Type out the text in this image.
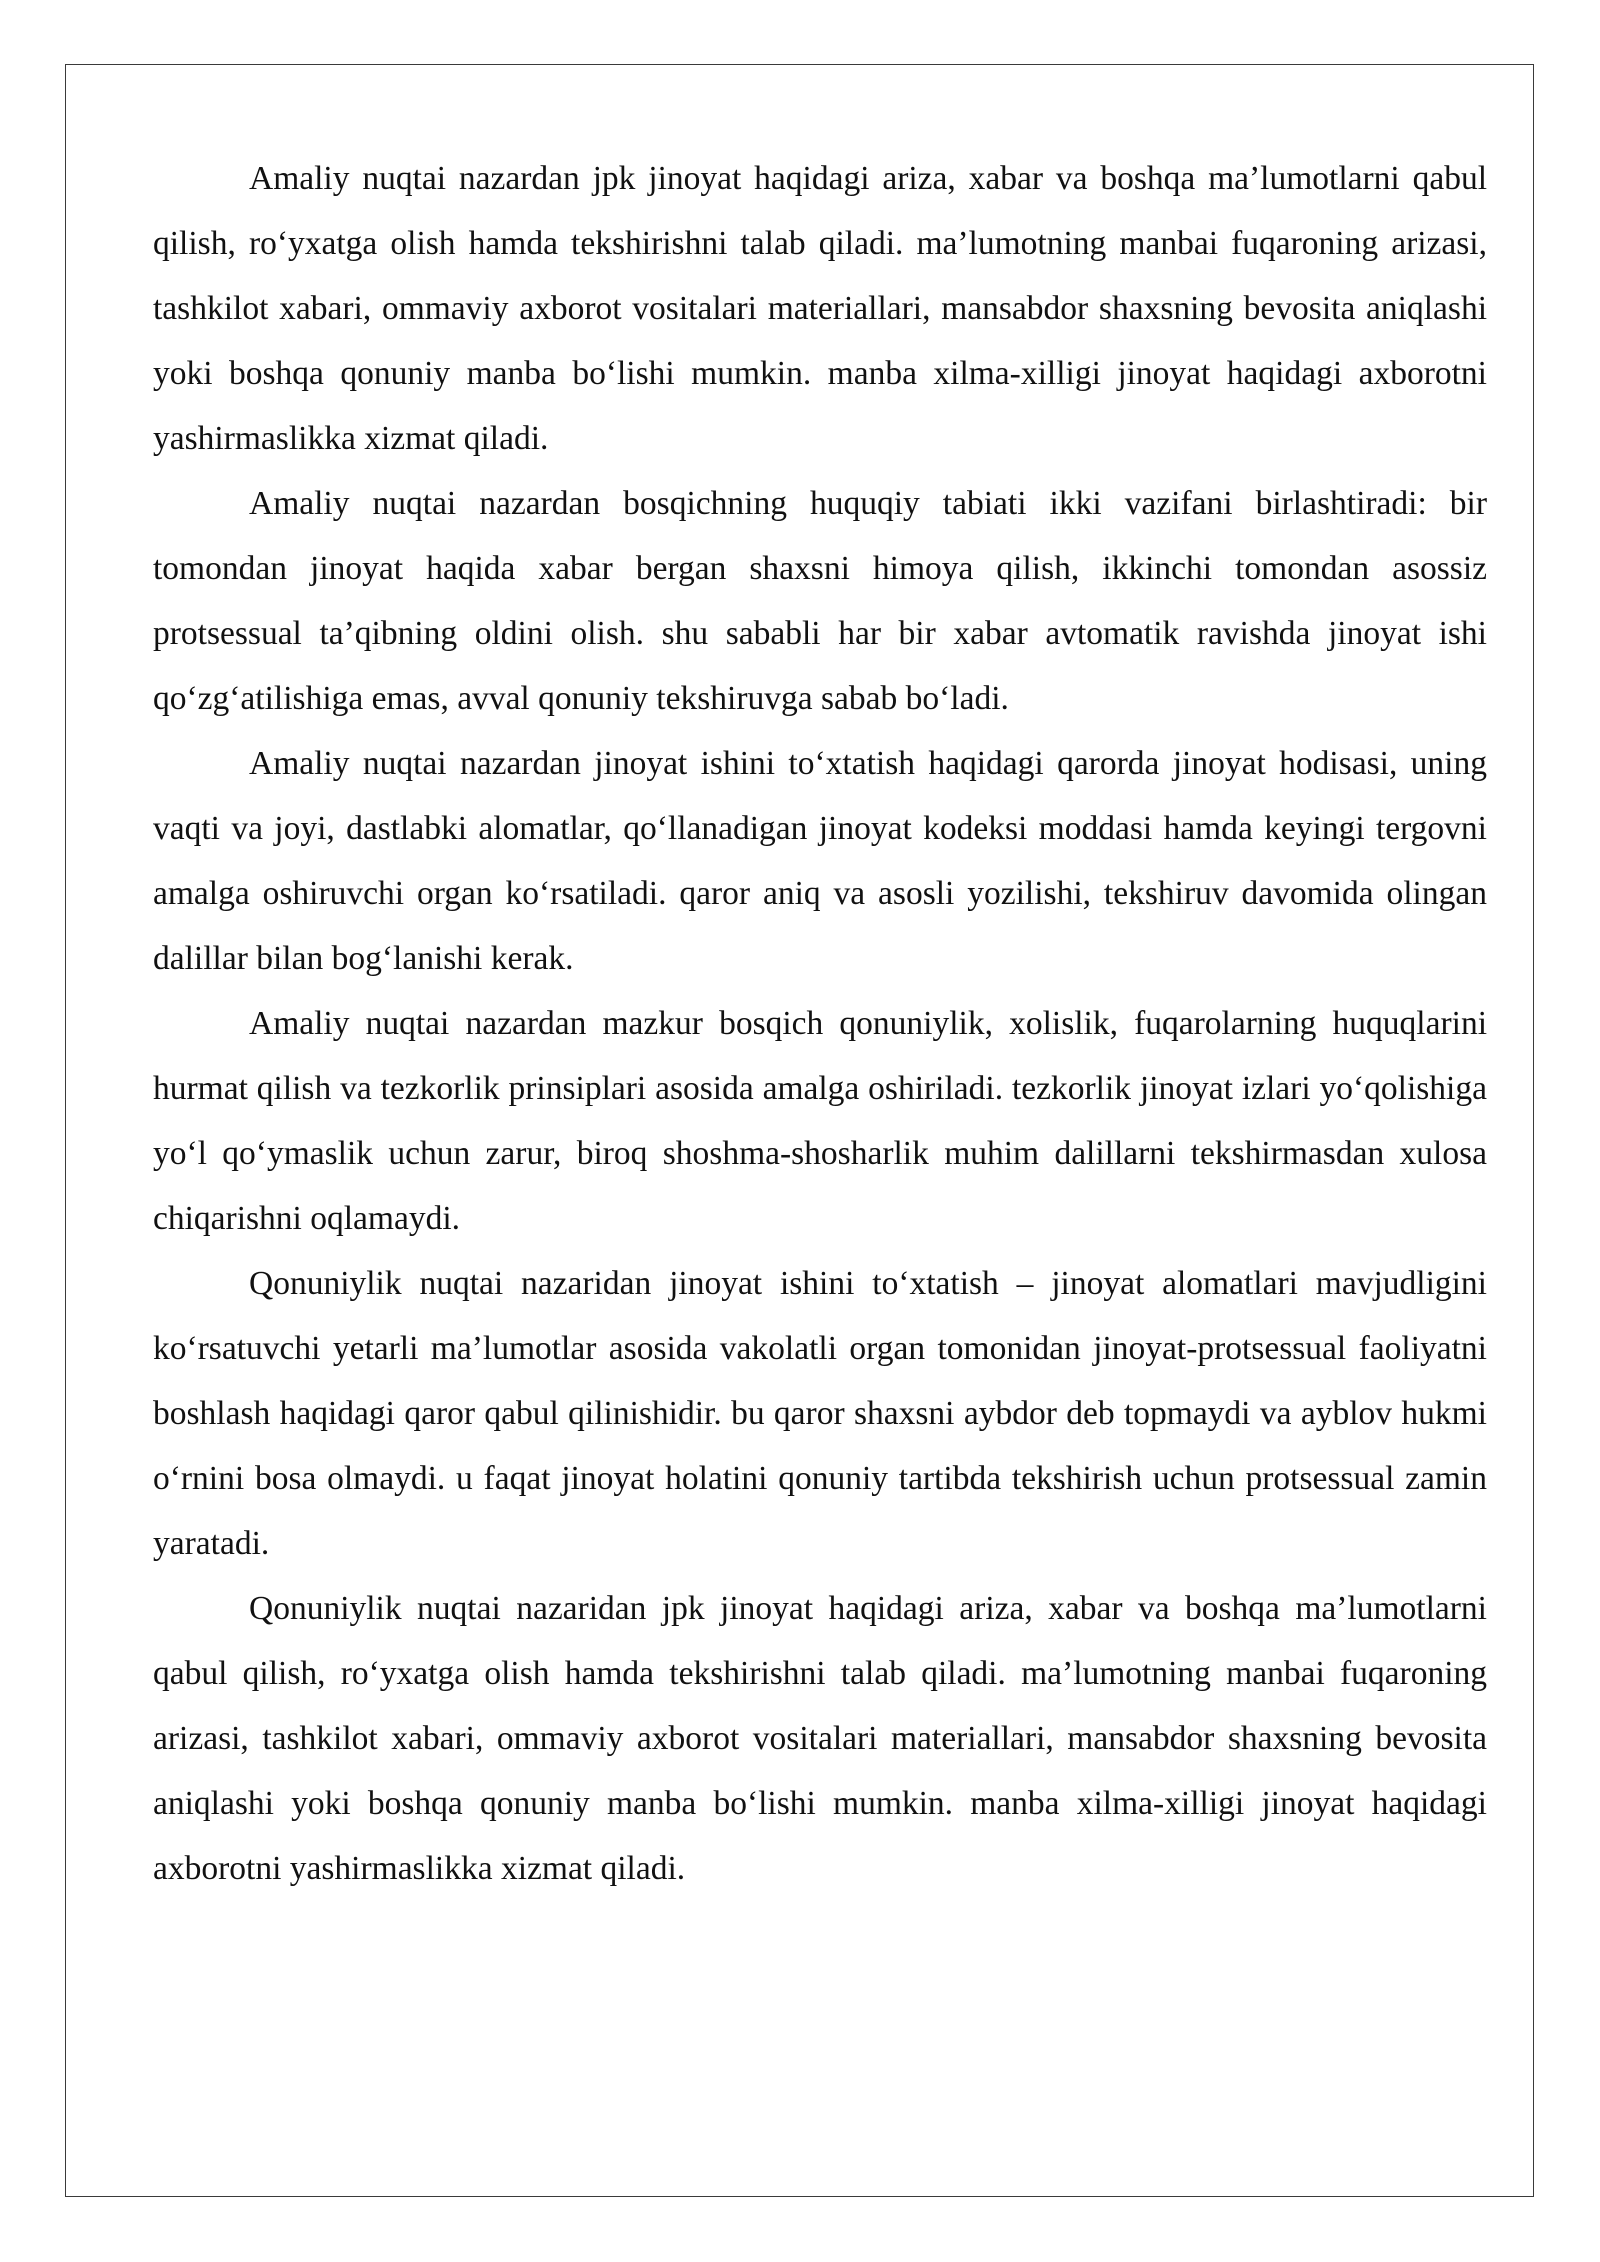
Amaliy nuqtai nazardan jpk jinoyat haqidagi ariza, xabar va boshqa ma’lumotlarni qabul qilish, ro‘yxatga olish hamda tekshirishni talab qiladi. ma’lumotning manbai fuqaroning arizasi, tashkilot xabari, ommaviy axborot vositalari materiallari, mansabdor shaxsning bevosita aniqlashi yoki boshqa qonuniy manba bo‘lishi mumkin. manba xilma-xilligi jinoyat haqidagi axborotni yashirmaslikka xizmat qiladi.

Amaliy nuqtai nazardan bosqichning huquqiy tabiati ikki vazifani birlashtiradi: bir tomondan jinoyat haqida xabar bergan shaxsni himoya qilish, ikkinchi tomondan asossiz protsessual ta’qibning oldini olish. shu sababli har bir xabar avtomatik ravishda jinoyat ishi qo‘zg‘atilishiga emas, avval qonuniy tekshiruvga sabab bo‘ladi.

Amaliy nuqtai nazardan jinoyat ishini to‘xtatish haqidagi qarorda jinoyat hodisasi, uning vaqti va joyi, dastlabki alomatlar, qo‘llanadigan jinoyat kodeksi moddasi hamda keyingi tergovni amalga oshiruvchi organ ko‘rsatiladi. qaror aniq va asosli yozilishi, tekshiruv davomida olingan dalillar bilan bog‘lanishi kerak.

Amaliy nuqtai nazardan mazkur bosqich qonuniylik, xolislik, fuqarolarning huquqlarini hurmat qilish va tezkorlik prinsiplari asosida amalga oshiriladi. tezkorlik jinoyat izlari yo‘qolishiga yo‘l qo‘ymaslik uchun zarur, biroq shoshma-shosharlik muhim dalillarni tekshirmasdan xulosa chiqarishni oqlamaydi.

Qonuniylik nuqtai nazaridan jinoyat ishini to‘xtatish – jinoyat alomatlari mavjudligini ko‘rsatuvchi yetarli ma’lumotlar asosida vakolatli organ tomonidan jinoyat-protsessual faoliyatni boshlash haqidagi qaror qabul qilinishidir. bu qaror shaxsni aybdor deb topmaydi va ayblov hukmi o‘rnini bosa olmaydi. u faqat jinoyat holatini qonuniy tartibda tekshirish uchun protsessual zamin yaratadi.

Qonuniylik nuqtai nazaridan jpk jinoyat haqidagi ariza, xabar va boshqa ma’lumotlarni qabul qilish, ro‘yxatga olish hamda tekshirishni talab qiladi. ma’lumotning manbai fuqaroning arizasi, tashkilot xabari, ommaviy axborot vositalari materiallari, mansabdor shaxsning bevosita aniqlashi yoki boshqa qonuniy manba bo‘lishi mumkin. manba xilma-xilligi jinoyat haqidagi axborotni yashirmaslikka xizmat qiladi.
